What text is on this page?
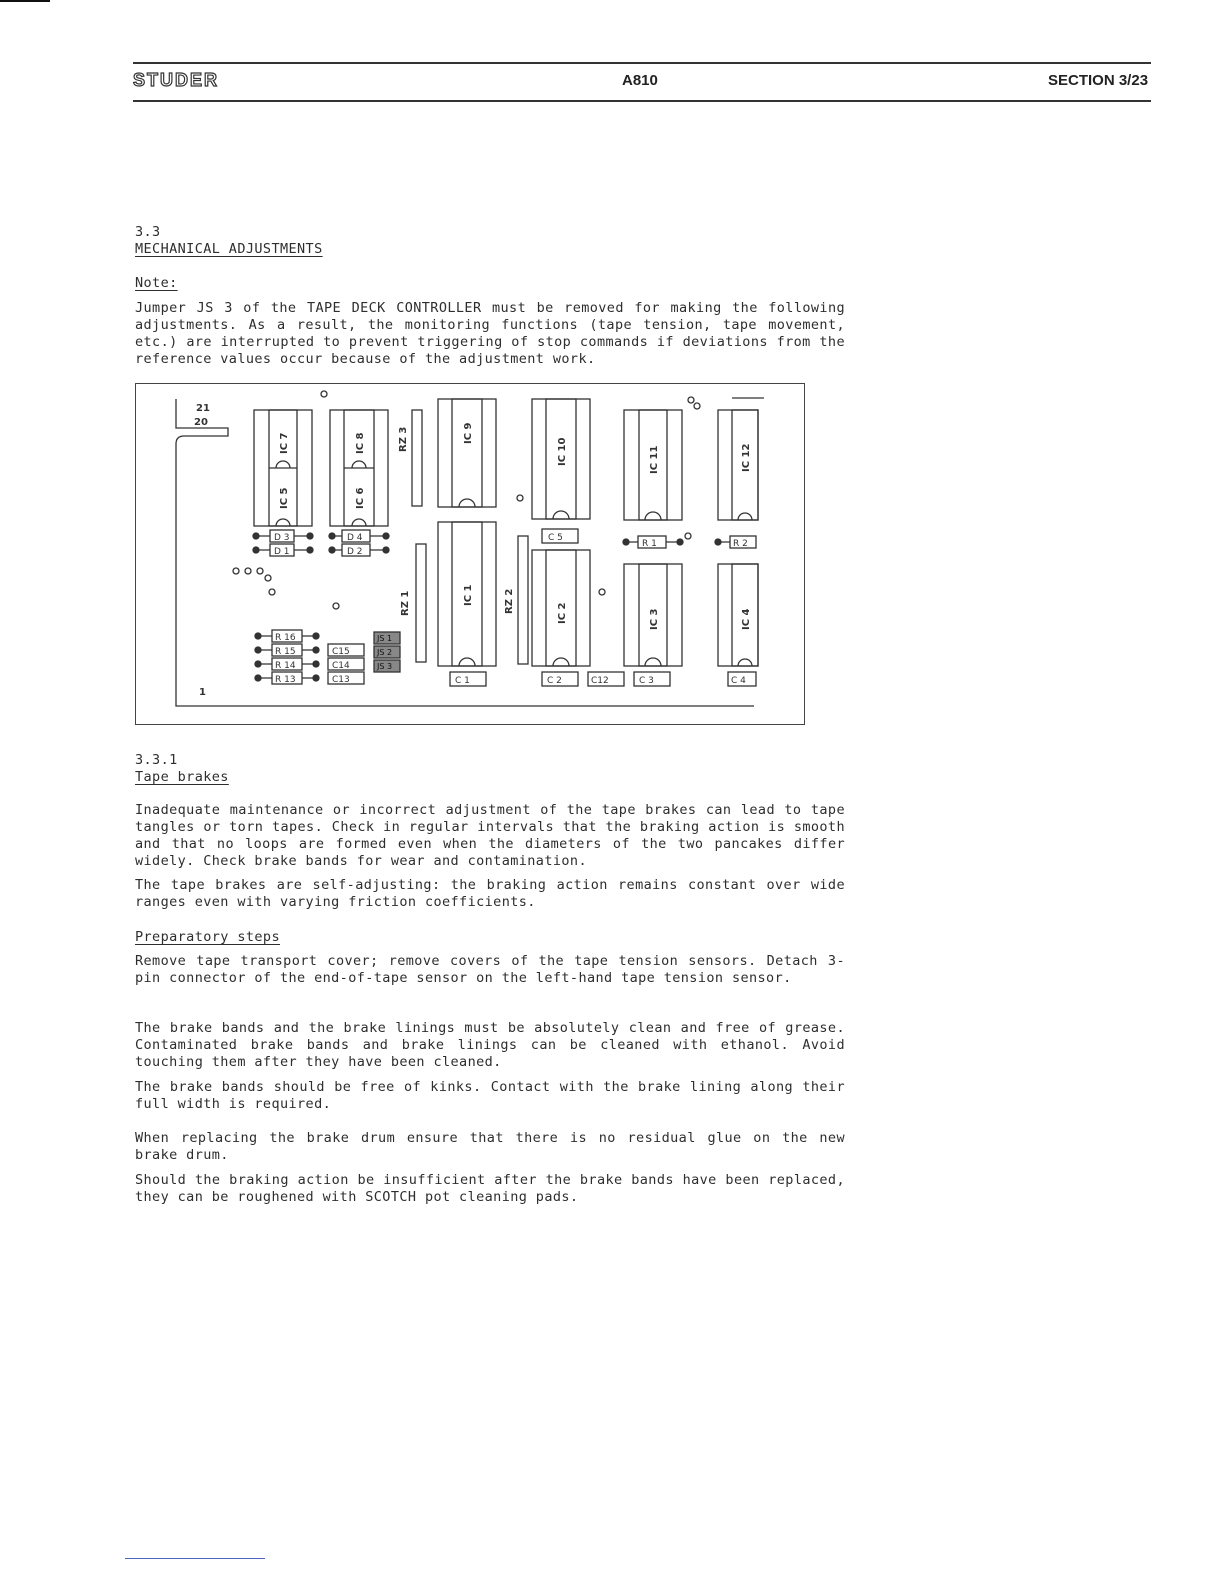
STUDER	A810	SECTION 3/23
3.3
MECHANICAL ADJUSTMENTS
Note:
Jumper JS 3 of the TAPE DECK CONTROLLER must be removed for making the following adjustments. As a result, the monitoring functions (tape tension, tape movement, etc.) are interrupted to prevent triggering of stop commands if deviations from the reference values occur because of the adjustment work.
21
20
1
IC 7
IC 5
IC 8
IC 6
RZ 3	IC 9
IC 10	IC 11	IC 12
D 3
D 1
D 4
D 2
IC 1
RZ 1	RZ 2	IC 2
C 5
R 1	R 2
IC 3	IC 4
R 16
R 15
R 14
R 13
C15
C14
C13
JS 1
JS 2
JS 3
C 1	C 2	C12	C 3	C 4
3.3.1
Tape brakes
Inadequate maintenance or incorrect adjustment of the tape brakes can lead to tape tangles or torn tapes. Check in regular intervals that the braking action is smooth and that no loops are formed even when the diameters of the two pancakes differ widely. Check brake bands for wear and contamination.
The tape brakes are self-adjusting: the braking action remains constant over wide ranges even with varying friction coefficients.
Preparatory steps
Remove tape transport cover; remove covers of the tape tension sensors. Detach 3-pin connector of the end-of-tape sensor on the left-hand tape tension sensor.
The brake bands and the brake linings must be absolutely clean and free of grease. Contaminated brake bands and brake linings can be cleaned with ethanol. Avoid touching them after they have been cleaned.
The brake bands should be free of kinks. Contact with the brake lining along their full width is required.
When replacing the brake drum ensure that there is no residual glue on the new brake drum.
Should the braking action be insufficient after the brake bands have been replaced, they can be roughened with SCOTCH pot cleaning pads.
